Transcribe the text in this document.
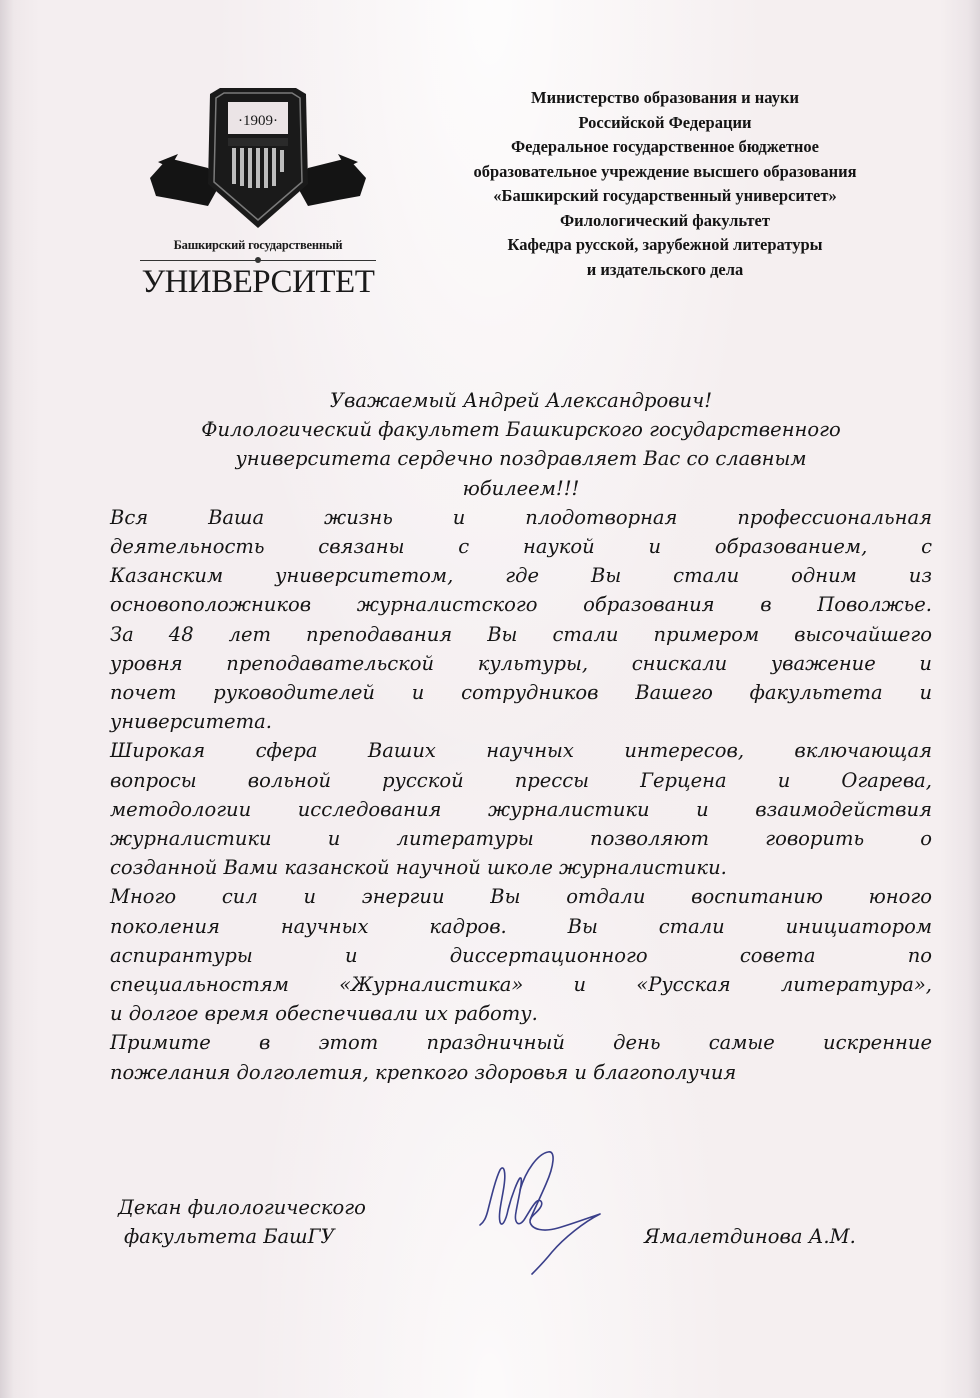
·1909·
Башкирский государственный
УНИВЕРСИТЕТ
Министерство образования и науки
Российской Федерации
Федеральное государственное бюджетное
образовательное учреждение высшего образования
«Башкирский государственный университет»
Филологический факультет
Кафедра русской, зарубежной литературы
и издательского дела
Уважаемый Андрей Александрович!
Филологический факультет Башкирского государственного
университета сердечно поздравляет Вас со славным
юбилеем!!!
Вся Ваша жизнь и плодотворная профессиональная
деятельность связаны с наукой и образованием, с
Казанским университетом, где Вы стали одним из
основоположников журналистского образования в Поволжье.
За 48 лет преподавания Вы стали примером высочайшего
уровня преподавательской культуры, снискали уважение и
почет руководителей и сотрудников Вашего факультета и
университета.
Широкая сфера Ваших научных интересов, включающая
вопросы вольной русской прессы Герцена и Огарева,
методологии исследования журналистики и взаимодействия
журналистики и литературы позволяют говорить о
созданной Вами казанской научной школе журналистики.
Много сил и энергии Вы отдали воспитанию юного
поколения научных кадров. Вы стали инициатором
аспирантуры и диссертационного совета по
специальностям «Журналистика» и «Русская литература»,
и долгое время обеспечивали их работу.
Примите в этот праздничный день самые искренние
пожелания долголетия, крепкого здоровья и благополучия
Декан филологического
факультета БашГУ	Ямалетдинова А.М.
